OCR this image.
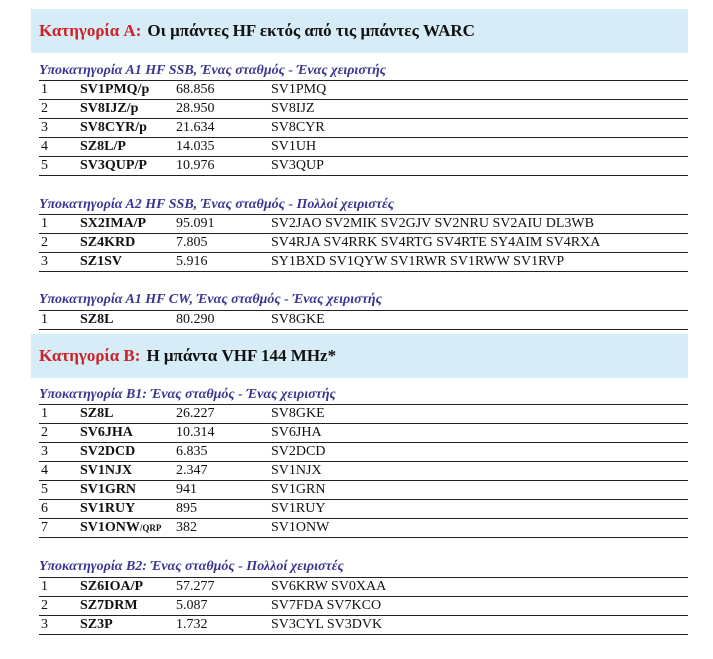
Κατηγορία A: Οι μπάντες HF εκτός από τις μπάντες WARC
Υποκατηγορία Α1 HF SSB, Ένας σταθμός - Ένας χειριστής
1 SV1PMQ/p 68.856	SV1PMQ
2 SV8IJZ/p	28.950	SV8IJZ
3 SV8CYR/p 21.634	SV8CYR
4 SZ8L/P	14.035	SV1UH
5 SV3QUP/P 10.976	SV3QUP
Υποκατηγορία Α2 HF SSB, Ένας σταθμός - Πολλοί χειριστές
1 SX2IMA/P 95.091	SV2JAO SV2MIK SV2GJV SV2NRU SV2AIU DL3WB
2 SZ4KRD	7.805	SV4RJA SV4RRK SV4RTG SV4RTE SY4AIM SV4RXA
3 SZ1SV	5.916	SY1BXD SV1QYW SV1RWR SV1RWW SV1RVP
Υποκατηγορία Α1 HF CW, Ένας σταθμός - Ένας χειριστής
1 SZ8L	80.290	SV8GKE
Κατηγορία Β: Η μπάντα VHF 144 MHz*
Υποκατηγορία Β1: Ένας σταθμός - Ένας χειριστής
1 SZ8L	26.227	SV8GKE
2 SV6JHA	10.314	SV6JHA
3 SV2DCD	6.835	SV2DCD
4 SV1NJX	2.347	SV1NJX
5 SV1GRN	941	SV1GRN
6 SV1RUY	895	SV1RUY
7 SV1ONW/QRP 382	SV1ONW
Υποκατηγορία Β2: Ένας σταθμός - Πολλοί χειριστές
1 SZ6IOA/P 57.277	SV6KRW SV0XAA
2 SZ7DRM	5.087	SV7FDA SV7KCO
3 SZ3P	1.732	SV3CYL SV3DVK
